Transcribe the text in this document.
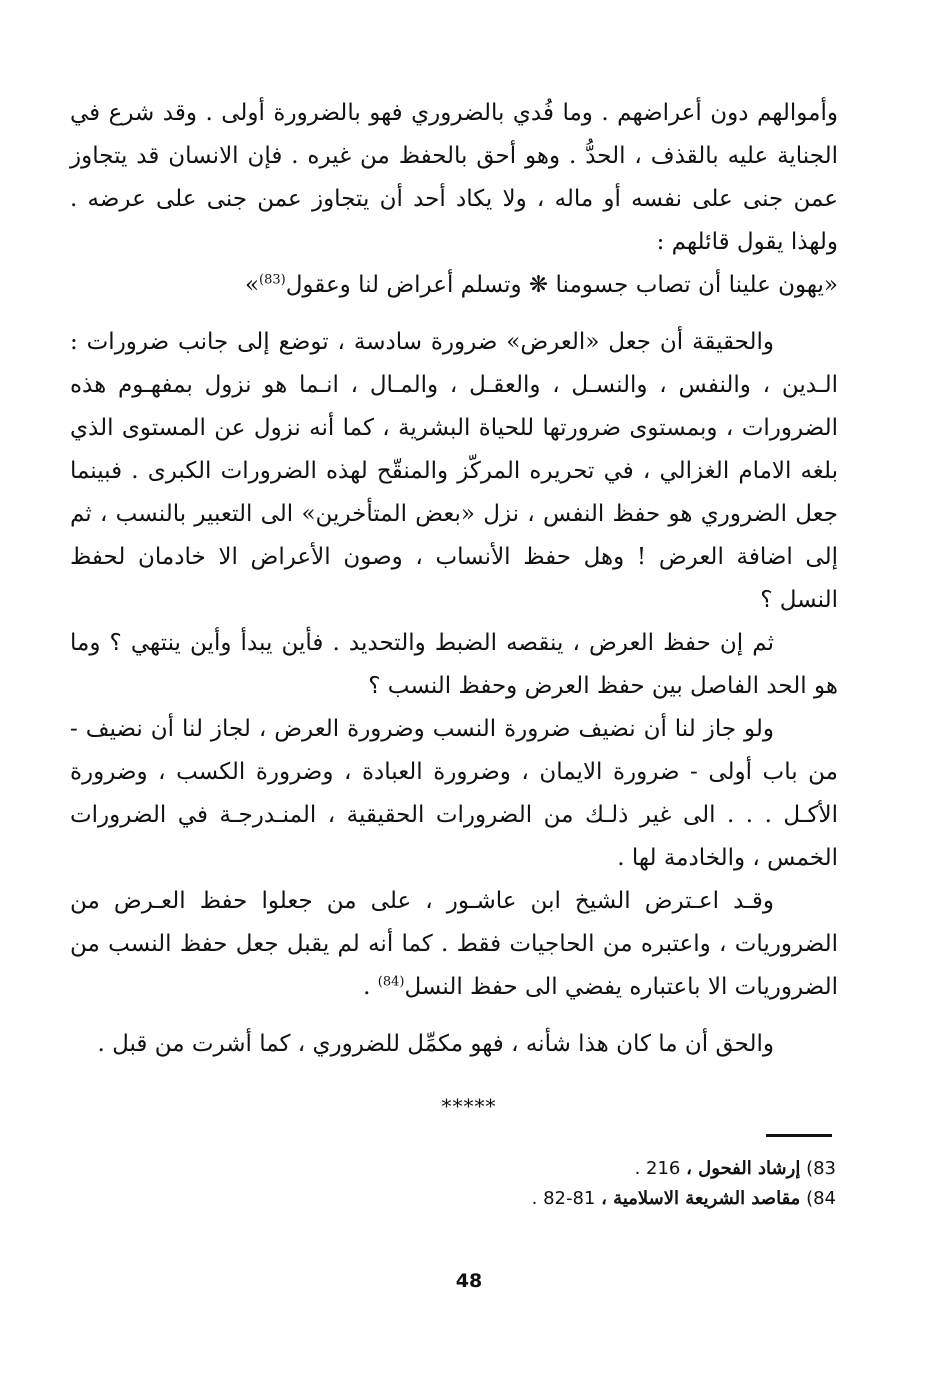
وأموالهم دون أعراضهم . وما فُدي بالضروري فهو بالضرورة أولى . وقد شرع في الجناية عليه بالقذف ، الحدُّ . وهو أحق بالحفظ من غيره . فإن الانسان قد يتجاوز عمن جنى على نفسه أو ماله ، ولا يكاد أحد أن يتجاوز عمن جنى على عرضه . ولهذا يقول قائلهم :

«يهون علينا أن تصاب جسومنا ❋ وتسلم أعراض لنا وعقول$^{(83)}$»

والحقيقة أن جعل «العرض» ضرورة سادسة ، توضع إلى جانب ضرورات : الـدين ، والنفس ، والنسـل ، والعقـل ، والمـال ، انـما هو نزول بمفهـوم هذه الضرورات ، وبمستوى ضرورتها للحياة البشرية ، كما أنه نزول عن المستوى الذي بلغه الامام الغزالي ، في تحريره المركّز والمنقّح لهذه الضرورات الكبرى . فبينما جعل الضروري هو حفظ النفس ، نزل «بعض المتأخرين» الى التعبير بالنسب ، ثم إلى اضافة العرض ! وهل حفظ الأنساب ، وصون الأعراض الا خادمان لحفظ النسل ؟

ثم إن حفظ العرض ، ينقصه الضبط والتحديد . فأين يبدأ وأين ينتهي ؟ وما هو الحد الفاصل بين حفظ العرض وحفظ النسب ؟

ولو جاز لنا أن نضيف ضرورة النسب وضرورة العرض ، لجاز لنا أن نضيف - من باب أولى - ضرورة الايمان ، وضرورة العبادة ، وضرورة الكسب ، وضرورة الأكـل . . . الى غير ذلـك من الضرورات الحقيقية ، المنـدرجـة في الضرورات الخمس ، والخادمة لها .

وقـد اعـترض الشيخ ابن عاشـور ، على من جعلوا حفظ العـرض من الضروريات ، واعتبره من الحاجيات فقط . كما أنه لم يقبل جعل حفظ النسب من الضروريات الا باعتباره يفضي الى حفظ النسل$^{(84)}$ .

والحق أن ما كان هذا شأنه ، فهو مكمِّل للضروري ، كما أشرت من قبل .

*****
83) إرشاد الفحول ، 216 .
84) مقاصد الشريعة الاسلامية ، 81-82 .
48
